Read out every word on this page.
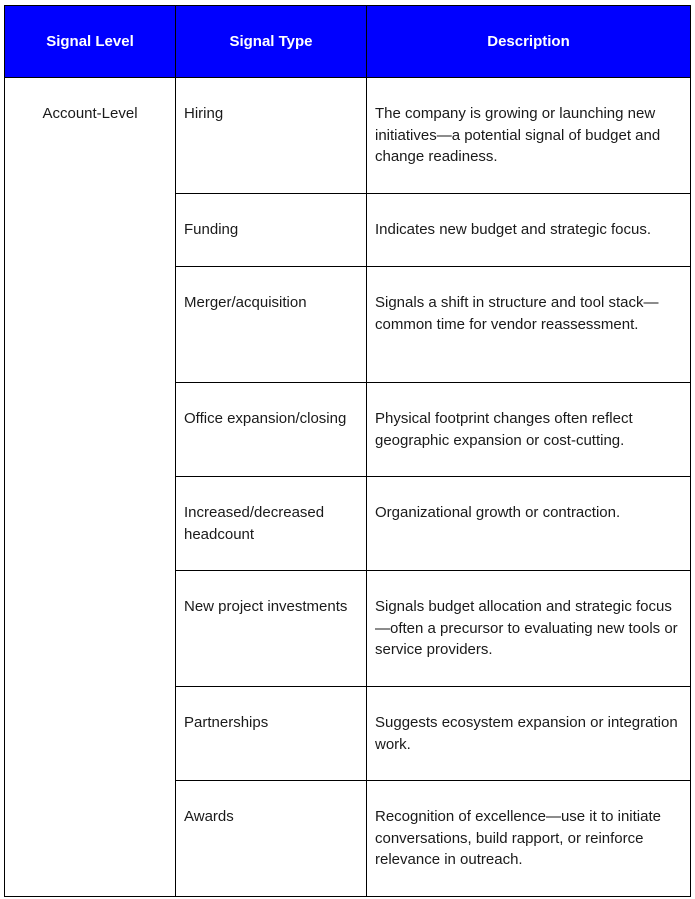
Signal Level	Signal Type	Description
Account-Level	Hiring	The company is growing or launching new initiatives—a potential signal of budget and change readiness.
	Funding	Indicates new budget and strategic focus.
	Merger/acquisition	Signals a shift in structure and tool stack—common time for vendor reassessment.
	Office expansion/closing	Physical footprint changes often reflect geographic expansion or cost-cutting.
	Increased/decreased headcount	Organizational growth or contraction.
	New project investments	Signals budget allocation and strategic focus—often a precursor to evaluating new tools or service providers.
	Partnerships	Suggests ecosystem expansion or integration work.
	Awards	Recognition of excellence—use it to initiate conversations, build rapport, or reinforce relevance in outreach.
